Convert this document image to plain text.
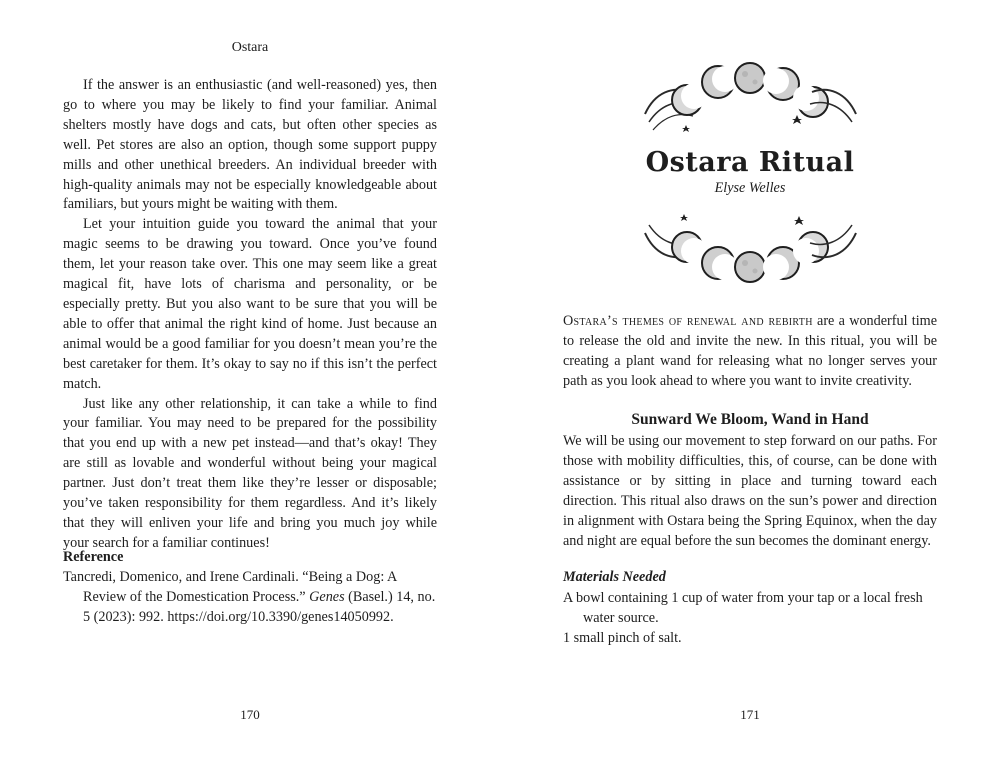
Ostara

If the answer is an enthusiastic (and well-reasoned) yes, then go to where you may be likely to find your familiar. Animal shelters mostly have dogs and cats, but often other species as well. Pet stores are also an option, though some support puppy mills and other unethical breeders. An individual breeder with high-quality animals may not be especially knowledgeable about familiars, but yours might be waiting with them.

Let your intuition guide you toward the animal that your magic seems to be drawing you toward. Once you’ve found them, let your reason take over. This one may seem like a great magical fit, have lots of charisma and personality, or be especially pretty. But you also want to be sure that you will be able to offer that animal the right kind of home. Just because an animal would be a good familiar for you doesn’t mean you’re the best caretaker for them. It’s okay to say no if this isn’t the perfect match.

Just like any other relationship, it can take a while to find your familiar. You may need to be prepared for the possibility that you end up with a new pet instead—and that’s okay! They are still as lovable and wonderful without being your magical partner. Just don’t treat them like they’re lesser or disposable; you’ve taken responsibility for them regardless. And it’s likely that they will enliven your life and bring you much joy while your search for a familiar continues!

Reference

Tancredi, Domenico, and Irene Cardinali. “Being a Dog: A Review of the Domestication Process.” Genes (Basel.) 14, no. 5 (2023): 992. https://doi.org/10.3390/genes14050992.

170
Ostara Ritual
Elyse Welles
Ostara’s themes of renewal and rebirth are a wonderful time to release the old and invite the new. In this ritual, you will be creating a plant wand for releasing what no longer serves your path as you look ahead to where you want to invite creativity.
Sunward We Bloom, Wand in Hand
We will be using our movement to step forward on our paths. For those with mobility difficulties, this, of course, can be done with assistance or by sitting in place and turning toward each direction. This ritual also draws on the sun’s power and direction in alignment with Ostara being the Spring Equinox, when the day and night are equal before the sun becomes the dominant energy.
Materials Needed

A bowl containing 1 cup of water from your tap or a local fresh water source.

1 small pinch of salt.

171
